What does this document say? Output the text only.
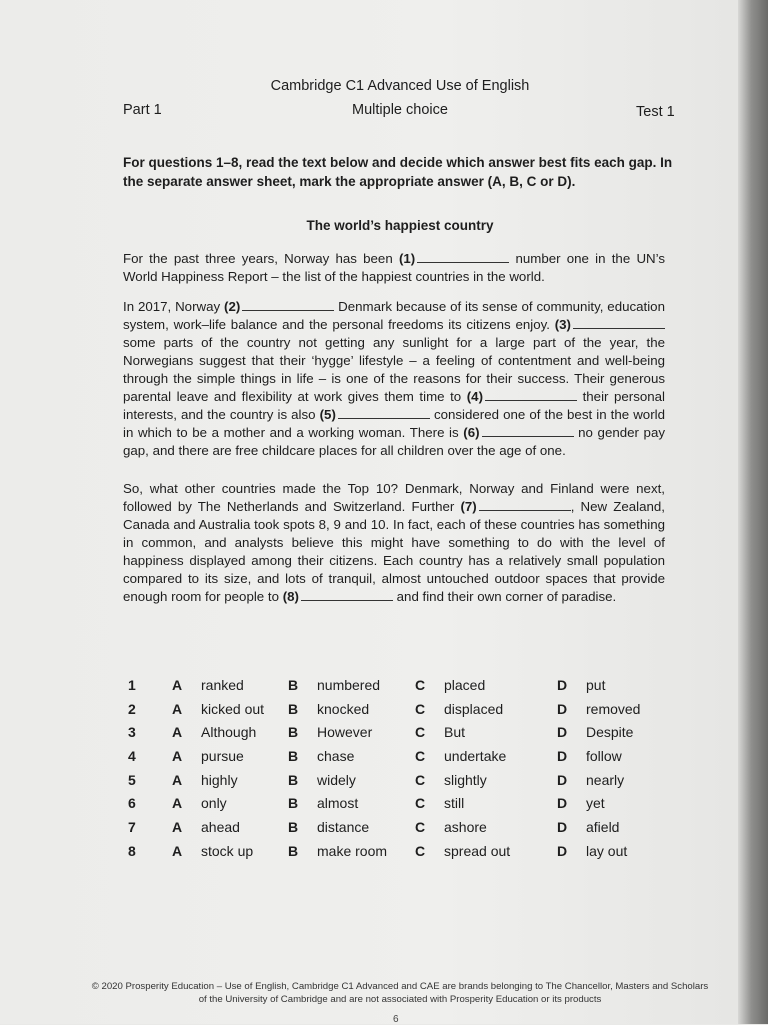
Cambridge C1 Advanced Use of English
Part 1	Multiple choice	Test 1
For questions 1–8, read the text below and decide which answer best fits each gap. In the separate answer sheet, mark the appropriate answer (A, B, C or D).
The world’s happiest country
For the past three years, Norway has been (1)	number one in the UN’s World Happiness Report – the list of the happiest countries in the world.
In 2017, Norway (2)	Denmark because of its sense of community, education system, work–life balance and the personal freedoms its citizens enjoy. (3) some parts of the country not getting any sunlight for a large part of the year, the Norwegians suggest that their ‘hygge’ lifestyle – a feeling of contentment and well-being through the simple things in life – is one of the reasons for their success. Their generous parental leave and flexibility at work gives them time to (4)	their personal interests, and the country is also (5)	considered one of the best in the world in which to be a mother and a working woman. There is (6)	no gender pay gap, and there are free childcare places for all children over the age of one.
So, what other countries made the Top 10? Denmark, Norway and Finland were next, followed by The Netherlands and Switzerland. Further (7)	, New Zealand, Canada and Australia took spots 8, 9 and 10. In fact, each of these countries has something in common, and analysts believe this might have something to do with the level of happiness displayed among their citizens. Each country has a relatively small population compared to its size, and lots of tranquil, almost untouched outdoor spaces that provide enough room for people to (8)	and find their own corner of paradise.
1	A	ranked	B	numbered	C	placed	D	put
2	A	kicked out	B	knocked	C	displaced	D	removed
3	A	Although	B	However	C	But	D	Despite
4	A	pursue	B	chase	C	undertake	D	follow
5	A	highly	B	widely	C	slightly	D	nearly
6	A	only	B	almost	C	still	D	yet
7	A	ahead	B	distance	C	ashore	D	afield
8	A	stock up	B	make room	C	spread out	D	lay out
© 2020 Prosperity Education – Use of English, Cambridge C1 Advanced and CAE are brands belonging to The Chancellor, Masters and Scholars of the University of Cambridge and are not associated with Prosperity Education or its products
6
